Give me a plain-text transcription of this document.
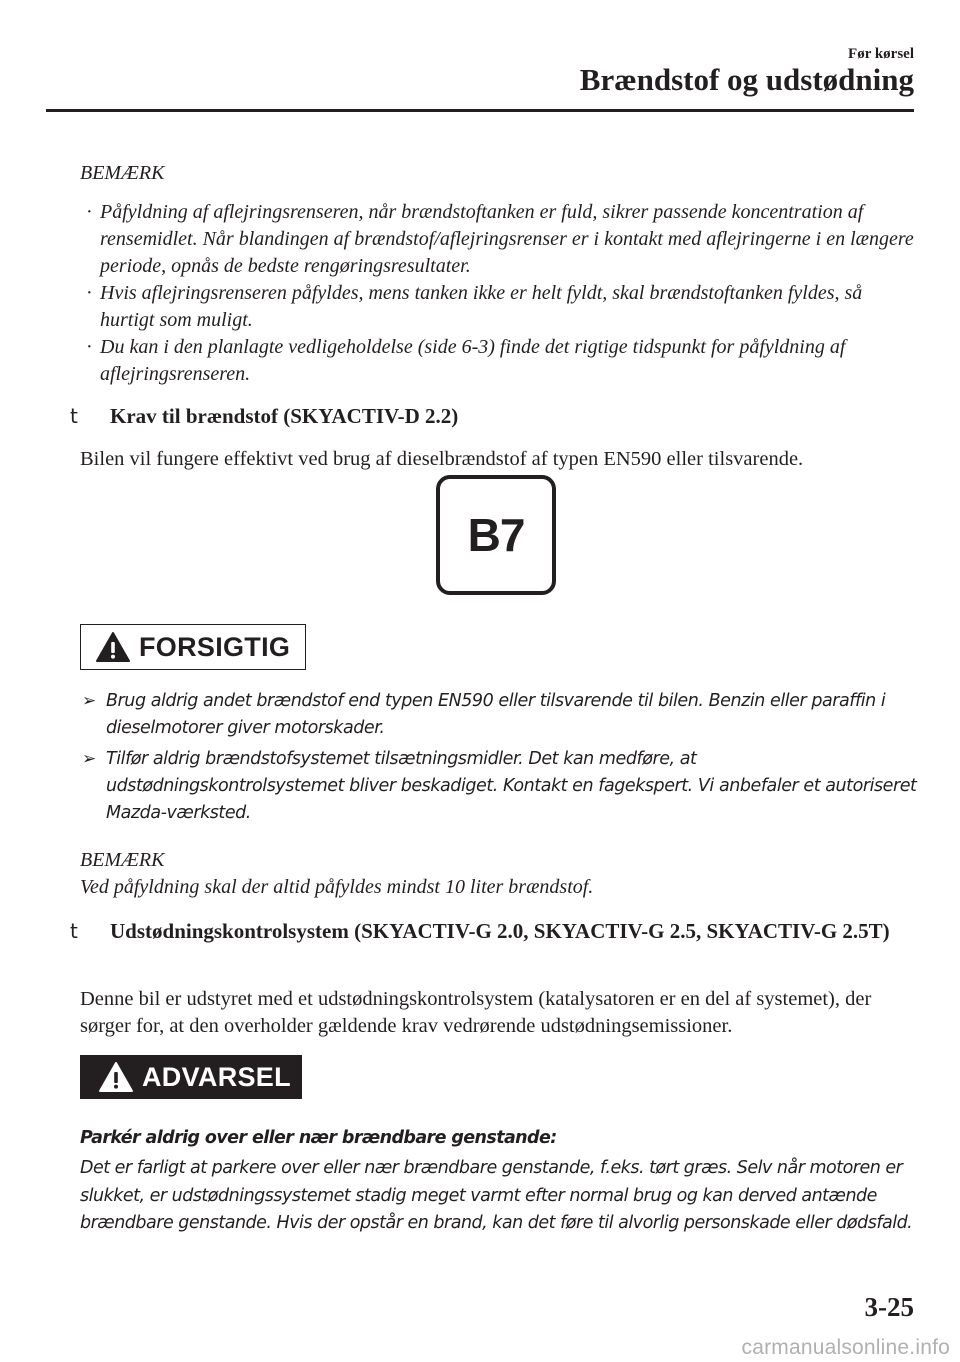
Før kørsel
Brændstof og udstødning
BEMÆRK
· Påfyldning af aflejringsrenseren, når brændstoftanken er fuld, sikrer passende koncentration af rensemidlet. Når blandingen af brændstof/aflejringsrenser er i kontakt med aflejringerne i en længere periode, opnås de bedste rengøringsresultater.
· Hvis aflejringsrenseren påfyldes, mens tanken ikke er helt fyldt, skal brændstoftanken fyldes, så hurtigt som muligt.
· Du kan i den planlagte vedligeholdelse (side 6-3) finde det rigtige tidspunkt for påfyldning af aflejringsrenseren.
t	Krav til brændstof (SKYACTIV-D 2.2)
Bilen vil fungere effektivt ved brug af dieselbrændstof af typen EN590 eller tilsvarende.
B7
FORSIGTIG
➢ Brug aldrig andet brændstof end typen EN590 eller tilsvarende til bilen. Benzin eller paraffin i dieselmotorer giver motorskader.
➢ Tilfør aldrig brændstofsystemet tilsætningsmidler. Det kan medføre, at udstødningskontrolsystemet bliver beskadiget. Kontakt en fagekspert. Vi anbefaler et autoriseret Mazda-værksted.
BEMÆRK
Ved påfyldning skal der altid påfyldes mindst 10 liter brændstof.
t	Udstødningskontrolsystem (SKYACTIV-G 2.0, SKYACTIV-G 2.5, SKYACTIV-G 2.5T)
Denne bil er udstyret med et udstødningskontrolsystem (katalysatoren er en del af systemet), der sørger for, at den overholder gældende krav vedrørende udstødningsemissioner.
ADVARSEL
Parkér aldrig over eller nær brændbare genstande:
Det er farligt at parkere over eller nær brændbare genstande, f.eks. tørt græs. Selv når motoren er slukket, er udstødningssystemet stadig meget varmt efter normal brug og kan derved antænde brændbare genstande. Hvis der opstår en brand, kan det føre til alvorlig personskade eller dødsfald.
3-25
carmanualsonline.info
